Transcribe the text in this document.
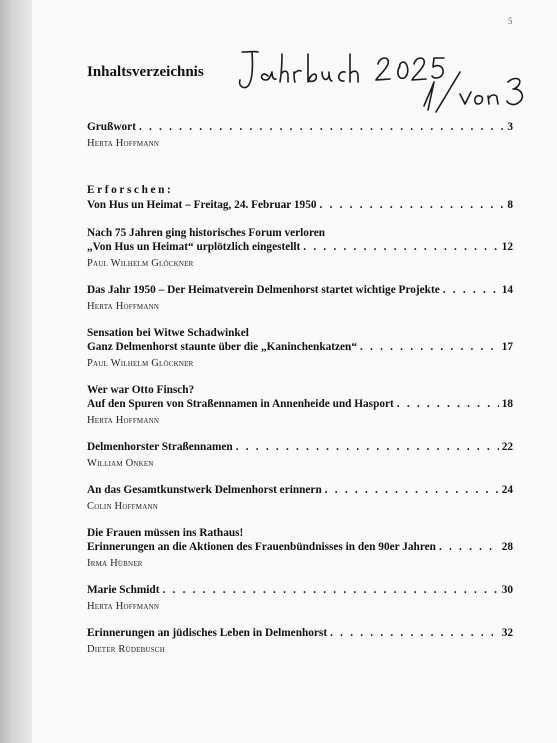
5
Inhaltsverzeichnis
Grußwort . . .	3
Herta Hoffmann
Erforschen:
Von Hus un Heimat – Freitag, 24. Februar 1950 . . .	8
Nach 75 Jahren ging historisches Forum verloren
„Von Hus un Heimat“ urplötzlich eingestellt . . .	12
Paul Wilhelm Glöckner
Das Jahr 1950 – Der Heimatverein Delmenhorst startet wichtige Projekte . . .	14
Herta Hoffmann
Sensation bei Witwe Schadwinkel
Ganz Delmenhorst staunte über die „Kaninchenkatzen“ . . .	17
Paul Wilhelm Glöckner
Wer war Otto Finsch?
Auf den Spuren von Straßennamen in Annenheide und Hasport . . .	18
Herta Hoffmann
Delmenhorster Straßennamen . . .	22
William Onken
An das Gesamtkunstwerk Delmenhorst erinnern . . .	24
Colin Hoffmann
Die Frauen müssen ins Rathaus!
Erinnerungen an die Aktionen des Frauenbündnisses in den 90er Jahren . . .	28
Irma Hübner
Marie Schmidt . . .	30
Herta Hoffmann
Erinnerungen an jüdisches Leben in Delmenhorst . . .	32
Dieter Rüdebusch
